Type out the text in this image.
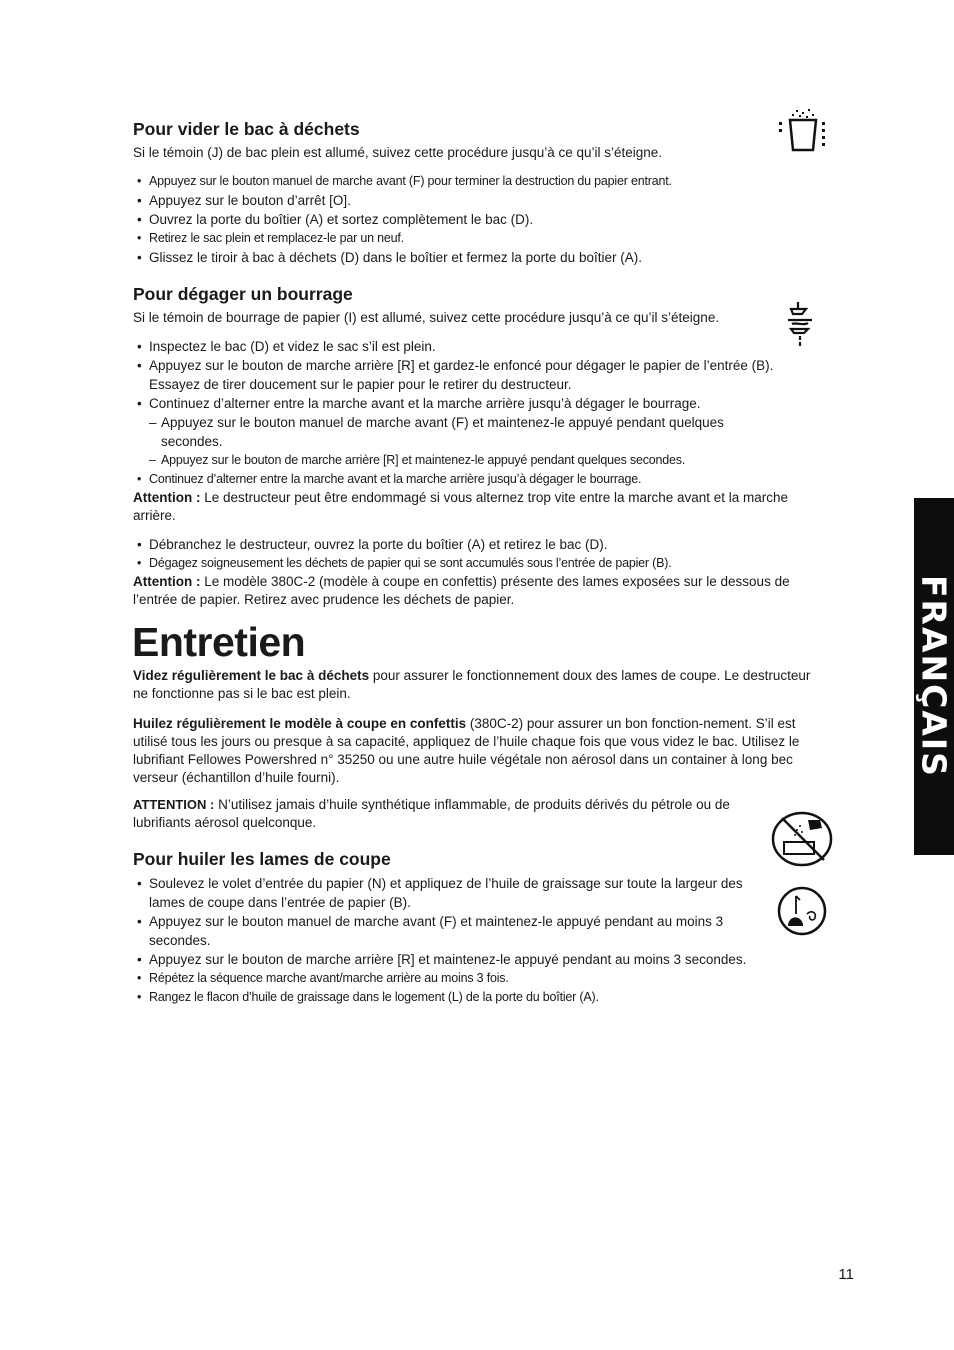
FRANÇAIS
Pour vider le bac à déchets

Si le témoin (J) de bac plein est allumé, suivez cette procédure jusqu’à ce qu’il s’éteigne.

• Appuyez sur le bouton manuel de marche avant (F) pour terminer la destruction du papier entrant.
• Appuyez sur le bouton d’arrêt [O].
• Ouvrez la porte du boîtier (A) et sortez complètement le bac (D).
• Retirez le sac plein et remplacez-le par un neuf.
• Glissez le tiroir à bac à déchets (D) dans le boîtier et fermez la porte du boîtier (A).
Pour dégager un bourrage

Si le témoin de bourrage de papier (I) est allumé, suivez cette procédure jusqu’à ce qu’il s’éteigne.

• Inspectez le bac (D) et videz le sac s’il est plein.
• Appuyez sur le bouton de marche arrière [R] et gardez-le enfoncé pour dégager le papier de l’entrée (B). Essayez de tirer doucement sur le papier pour le retirer du destructeur.
• Continuez d’alterner entre la marche avant et la marche arrière jusqu’à dégager le bourrage.
– Appuyez sur le bouton manuel de marche avant (F) et maintenez-le appuyé pendant quelques secondes.
– Appuyez sur le bouton de marche arrière [R] et maintenez-le appuyé pendant quelques secondes.
• Continuez d’alterner entre la marche avant et la marche arrière jusqu’à dégager le bourrage.

Attention : Le destructeur peut être endommagé si vous alternez trop vite entre la marche avant et la marche arrière.

• Débranchez le destructeur, ouvrez la porte du boîtier (A) et retirez le bac (D).
• Dégagez soigneusement les déchets de papier qui se sont accumulés sous l’entrée de papier (B).

Attention : Le modèle 380C-2 (modèle à coupe en confettis) présente des lames exposées sur le dessous de l’entrée de papier. Retirez avec prudence les déchets de papier.

Entretien

Videz régulièrement le bac à déchets pour assurer le fonctionnement doux des lames de coupe. Le destructeur ne fonctionne pas si le bac est plein.

Huilez régulièrement le modèle à coupe en confettis (380C-2) pour assurer un bon fonction-nement. S’il est utilisé tous les jours ou presque à sa capacité, appliquez de l’huile chaque fois que vous videz le bac. Utilisez le lubrifiant Fellowes Powershred n° 35250 ou une autre huile végétale non aérosol dans un container à long bec verseur (échantillon d’huile fourni).

ATTENTION : N’utilisez jamais d’huile synthétique inflammable, de produits dérivés du pétrole ou de lubrifiants aérosol quelconque.

Pour huiler les lames de coupe
• Soulevez le volet d’entrée du papier (N) et appliquez de l’huile de graissage sur toute la largeur des lames de coupe dans l’entrée de papier (B).
• Appuyez sur le bouton manuel de marche avant (F) et maintenez-le appuyé pendant au moins 3 secondes.
• Appuyez sur le bouton de marche arrière [R] et maintenez-le appuyé pendant au moins 3 secondes.
• Répétez la séquence marche avant/marche arrière au moins 3 fois.
• Rangez le flacon d’huile de graissage dans le logement (L) de la porte du boîtier (A).
11
